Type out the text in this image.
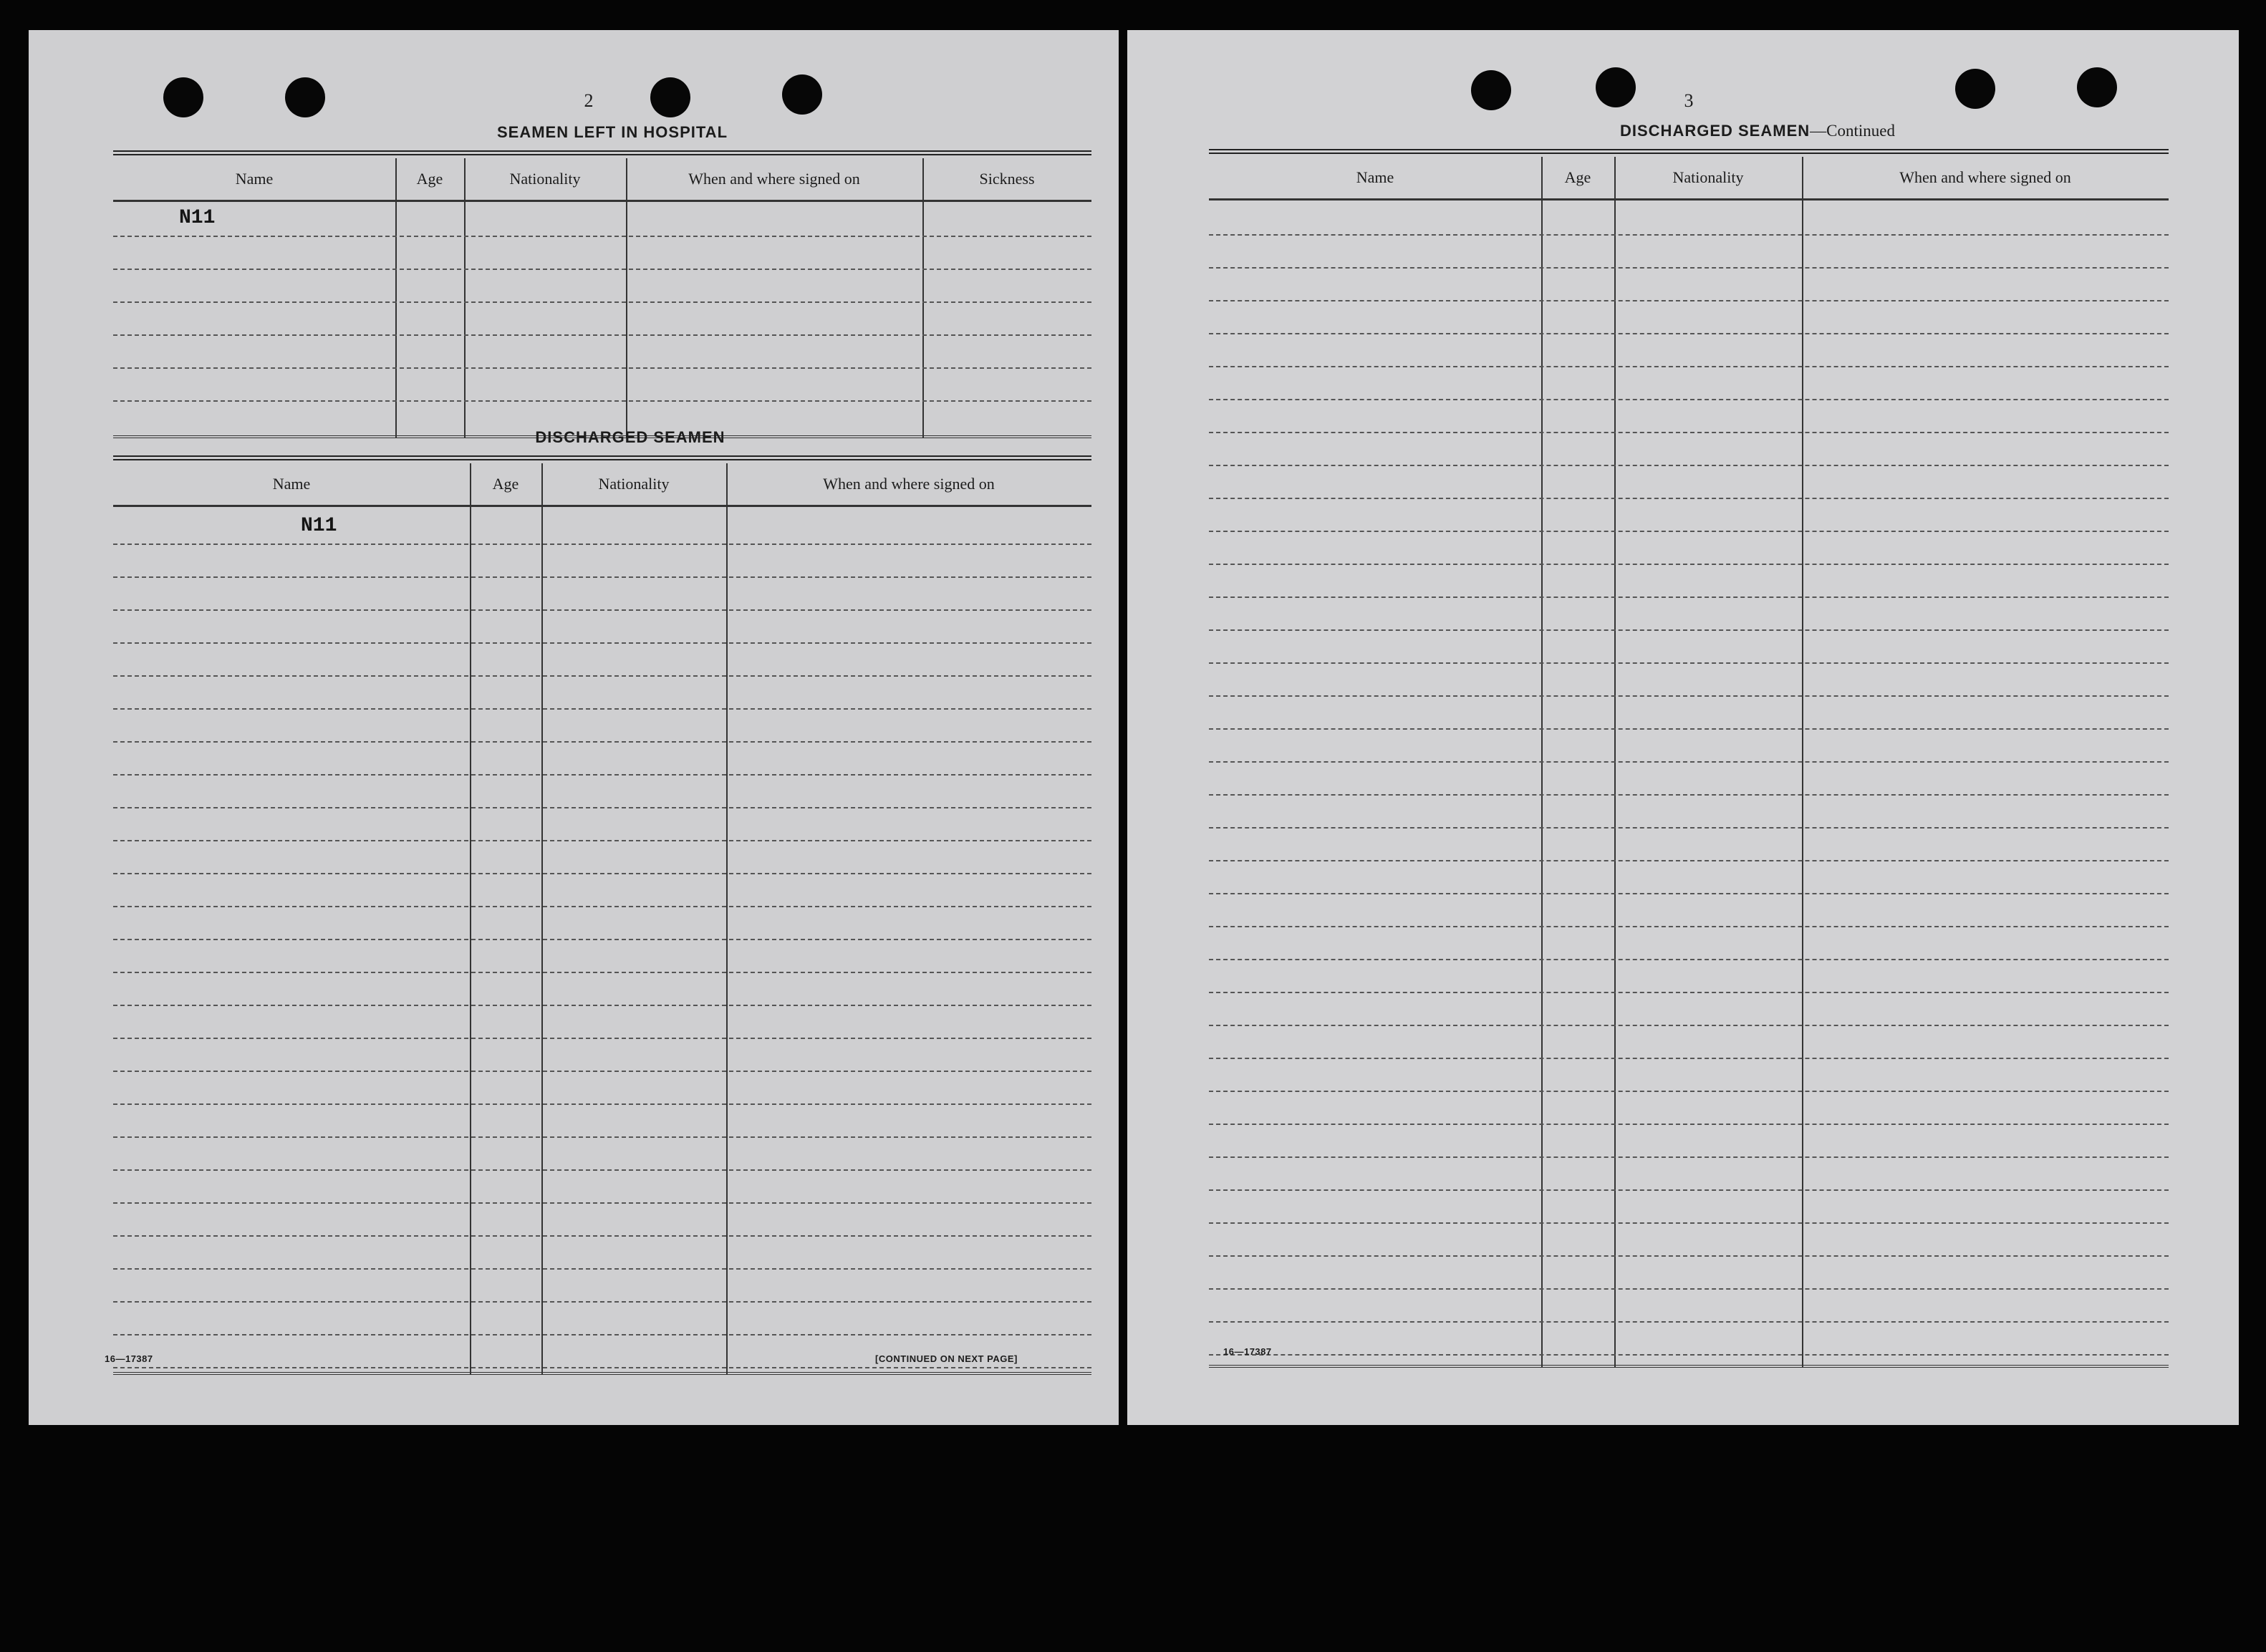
2
SEAMEN LEFT IN HOSPITAL
Name	Age	Nationality	When and where signed on	Sickness
N11
DISCHARGED SEAMEN
Name	Age	Nationality	When and where signed on
N11
16—17387	[CONTINUED ON NEXT PAGE]
3
DISCHARGED SEAMEN—Continued
Name	Age	Nationality	When and where signed on
16—17387
